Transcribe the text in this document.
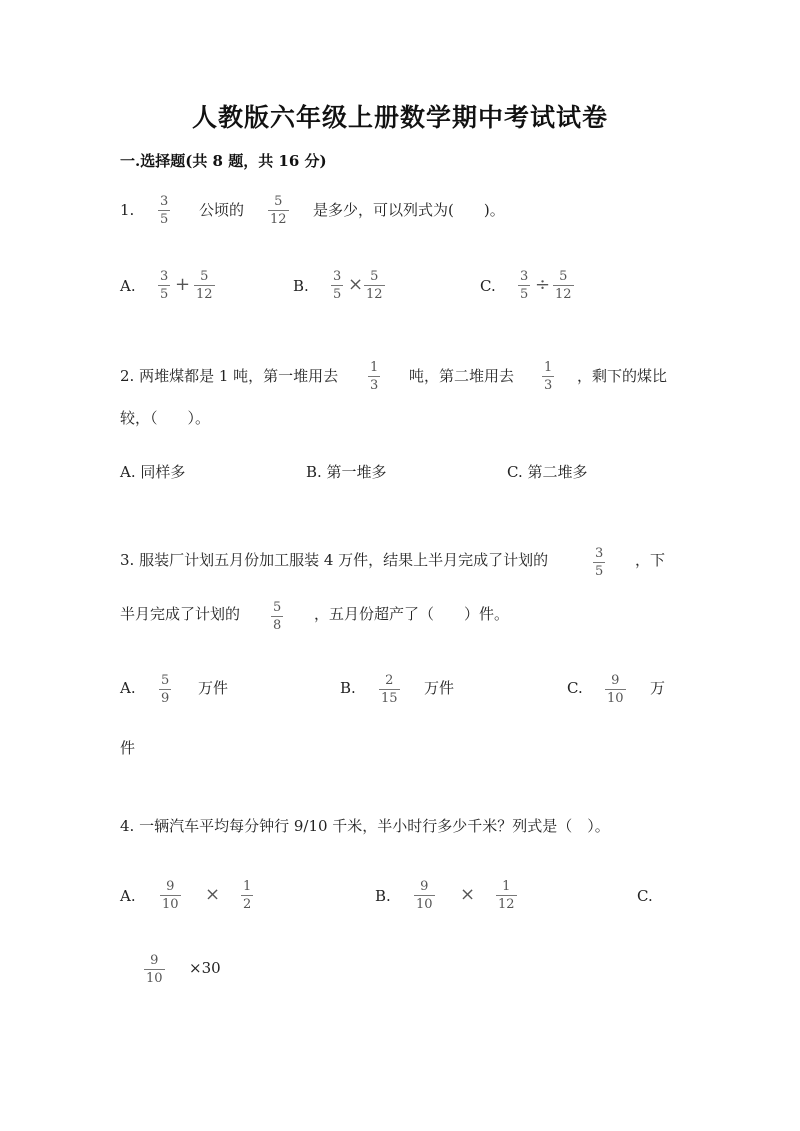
人教版六年级上册数学期中考试试卷
一.选择题(共 8 题，共 16 分)
1. 3
5
公顷的 5
12
是多少，可以列式为(　　)。
A.
3
5 + 5
12	B.
3
5 × 5
12	C.
3
5 ÷ 5
12
2. 两堆煤都是 1 吨，第一堆用去 1
3
吨，第二堆用去 1
3
，剩下的煤比
较，（　　）。
A. 同样多	B. 第一堆多	C. 第二堆多
3. 服装厂计划五月份加工服装 4 万件，结果上半月完成了计划的	3
5
，下
半月完成了计划的	5
8
，五月份超产了（　　）件。
A. 5
9
万件	B. 2
15
万件	C. 9
10
万
件
4. 一辆汽车平均每分钟行 9/10 千米，半小时行多少千米？列式是（　）。
A.
9
10 × 1
2	B.
9
10 × 1
12	C.
9
10
×30
